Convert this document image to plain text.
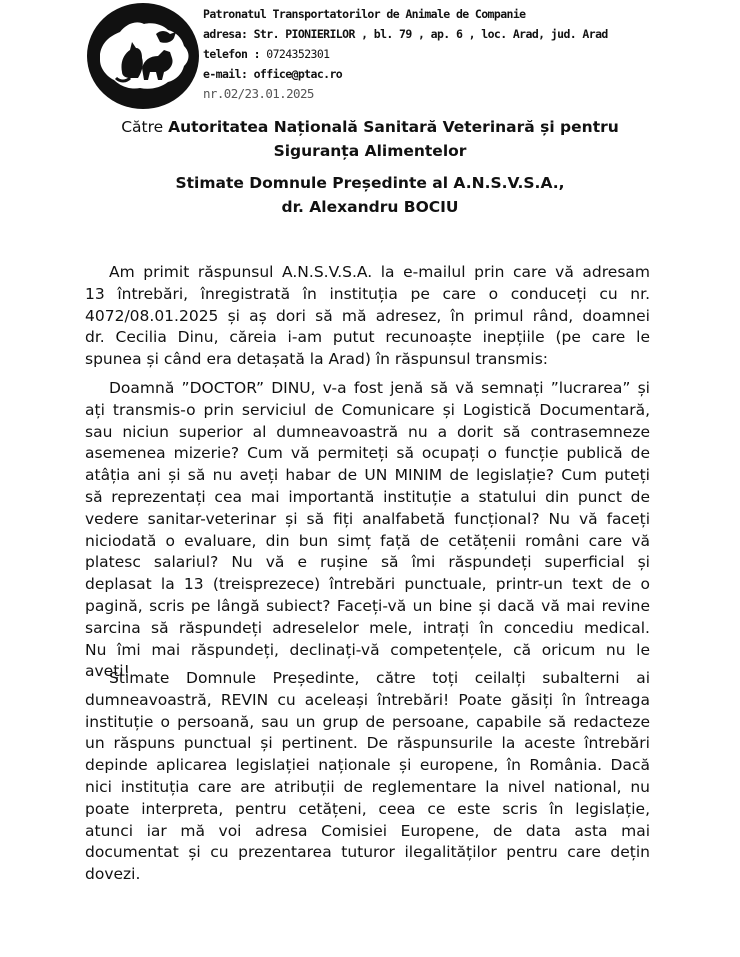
Patronatul Transportatorilor de Animale de Companie
adresa: Str. PIONIERILOR , bl. 79 , ap. 6 , loc. Arad, jud. Arad
telefon : 0724352301
e-mail: office@ptac.ro
nr.02/23.01.2025
Către Autoritatea Națională Sanitară Veterinară și pentru
Siguranța Alimentelor
Stimate Domnule Președinte al A.N.S.V.S.A.,
dr. Alexandru BOCIU
Am primit răspunsul A.N.S.V.S.A. la e-mailul prin care vă adresam
13 întrebări, înregistrată în instituția pe care o conduceți cu nr.
4072/08.01.2025 și aș dori să mă adresez, în primul rând, doamnei
dr. Cecilia Dinu, căreia i-am putut recunoaște inepțiile (pe care le
spunea și când era detașată la Arad) în răspunsul transmis:
Doamnă ”DOCTOR” DINU, v-a fost jenă să vă semnați ”lucrarea” și
ați transmis-o prin serviciul de Comunicare și Logistică Documentară,
sau niciun superior al dumneavoastră nu a dorit să contrasemneze
asemenea mizerie? Cum vă permiteți să ocupați o funcție publică de
atâția ani și să nu aveți habar de UN MINIM de legislație? Cum puteți
să reprezentați cea mai importantă instituție a statului din punct de
vedere sanitar-veterinar și să fiți analfabetă funcțional? Nu vă faceți
niciodată o evaluare, din bun simț față de cetățenii români care vă
platesc salariul? Nu vă e rușine să îmi răspundeți superficial și
deplasat la 13 (treisprezece) întrebări punctuale, printr-un text de o
pagină, scris pe lângă subiect? Faceți-vă un bine și dacă vă mai revine
sarcina să răspundeți adreselelor mele, intrați în concediu medical.
Nu îmi mai răspundeți, declinați-vă competențele, că oricum nu le
aveți!
Stimate Domnule Președinte, către toți ceilalți subalterni ai
dumneavoastră, REVIN cu aceleași întrebări! Poate găsiți în întreaga
instituție o persoană, sau un grup de persoane, capabile să redacteze
un răspuns punctual și pertinent. De răspunsurile la aceste întrebări
depinde aplicarea legislației naționale și europene, în România. Dacă
nici instituția care are atribuții de reglementare la nivel national, nu
poate interpreta, pentru cetățeni, ceea ce este scris în legislație,
atunci iar mă voi adresa Comisiei Europene, de data asta mai
documentat și cu prezentarea tuturor ilegalităților pentru care dețin
dovezi.
